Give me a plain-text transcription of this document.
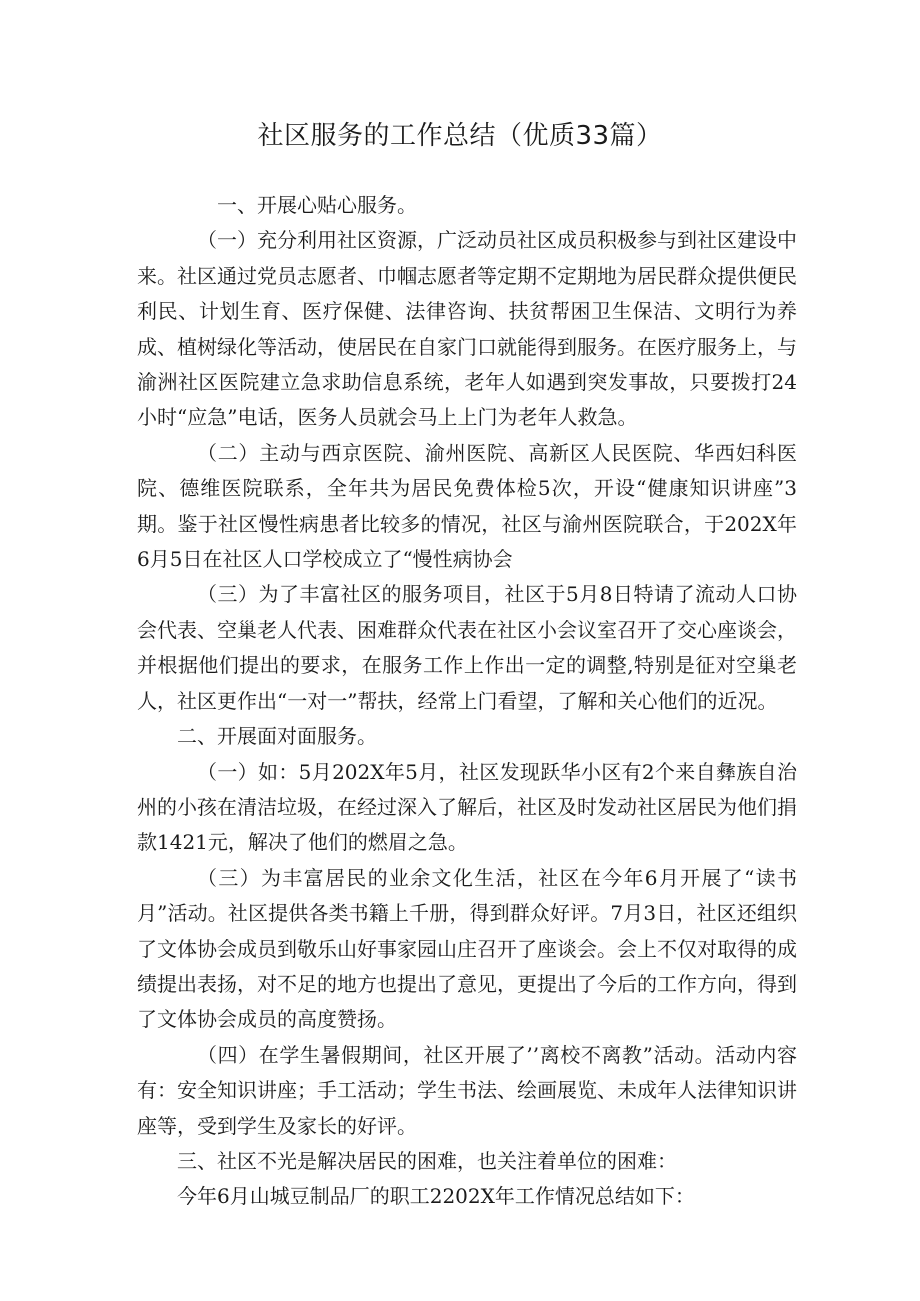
社区服务的工作总结（优质33篇）

一、开展心贴心服务。

（一）充分利用社区资源，广泛动员社区成员积极参与到社区建设中来。社区通过党员志愿者、巾帼志愿者等定期不定期地为居民群众提供便民利民、计划生育、医疗保健、法律咨询、扶贫帮困卫生保洁、文明行为养成、植树绿化等活动，使居民在自家门口就能得到服务。在医疗服务上，与渝洲社区医院建立急求助信息系统，老年人如遇到突发事故，只要拨打24小时“应急”电话，医务人员就会马上上门为老年人救急。

（二）主动与西京医院、渝州医院、高新区人民医院、华西妇科医院、德维医院联系，全年共为居民免费体检5次，开设“健康知识讲座”3期。鉴于社区慢性病患者比较多的情况，社区与渝州医院联合，于202X年6月5日在社区人口学校成立了“慢性病协会

（三）为了丰富社区的服务项目，社区于5月8日特请了流动人口协会代表、空巢老人代表、困难群众代表在社区小会议室召开了交心座谈会，并根据他们提出的要求，在服务工作上作出一定的调整,特别是征对空巢老人，社区更作出“一对一”帮扶，经常上门看望，了解和关心他们的近况。

二、开展面对面服务。

（一）如：5月202X年5月，社区发现跃华小区有2个来自彝族自治州的小孩在清洁垃圾，在经过深入了解后，社区及时发动社区居民为他们捐款1421元，解决了他们的燃眉之急。

（三）为丰富居民的业余文化生活，社区在今年6月开展了“读书月”活动。社区提供各类书籍上千册，得到群众好评。7月3日，社区还组织了文体协会成员到敬乐山好事家园山庄召开了座谈会。会上不仅对取得的成绩提出表扬，对不足的地方也提出了意见，更提出了今后的工作方向，得到了文体协会成员的高度赞扬。

（四）在学生暑假期间，社区开展了’’离校不离教”活动。活动内容有：安全知识讲座；手工活动；学生书法、绘画展览、未成年人法律知识讲座等，受到学生及家长的好评。

三、社区不光是解决居民的困难，也关注着单位的困难：

今年6月山城豆制品厂的职工2202X年工作情况总结如下：
